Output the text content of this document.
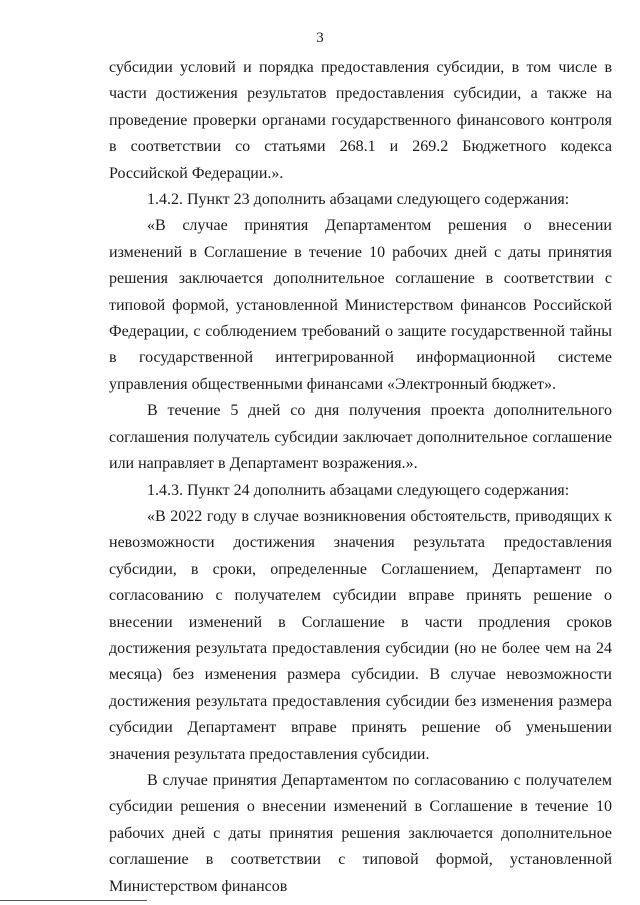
3

субсидии условий и порядка предоставления субсидии, в том числе в части достижения результатов предоставления субсидии, а также на проведение проверки органами государственного финансового контроля в соответствии со статьями 268.1 и 269.2 Бюджетного кодекса Российской Федерации.».

1.4.2. Пункт 23 дополнить абзацами следующего содержания:

«В случае принятия Департаментом решения о внесении изменений в Соглашение в течение 10 рабочих дней с даты принятия решения заключается дополнительное соглашение в соответствии с типовой формой, установленной Министерством финансов Российской Федерации, с соблюдением требований о защите государственной тайны в государственной интегрированной информационной системе управления общественными финансами «Электронный бюджет».

В течение 5 дней со дня получения проекта дополнительного соглашения получатель субсидии заключает дополнительное соглашение или направляет в Департамент возражения.».

1.4.3. Пункт 24 дополнить абзацами следующего содержания:

«В 2022 году в случае возникновения обстоятельств, приводящих к невозможности достижения значения результата предоставления субсидии, в сроки, определенные Соглашением, Департамент по согласованию с получателем субсидии вправе принять решение о внесении изменений в Соглашение в части продления сроков достижения результата предоставления субсидии (но не более чем на 24 месяца) без изменения размера субсидии. В случае невозможности достижения результата предоставления субсидии без изменения размера субсидии Департамент вправе принять решение об уменьшении значения результата предоставления субсидии.

В случае принятия Департаментом по согласованию с получателем субсидии решения о внесении изменений в Соглашение в течение 10 рабочих дней с даты принятия решения заключается дополнительное соглашение в соответствии с типовой формой, установленной Министерством финансов
